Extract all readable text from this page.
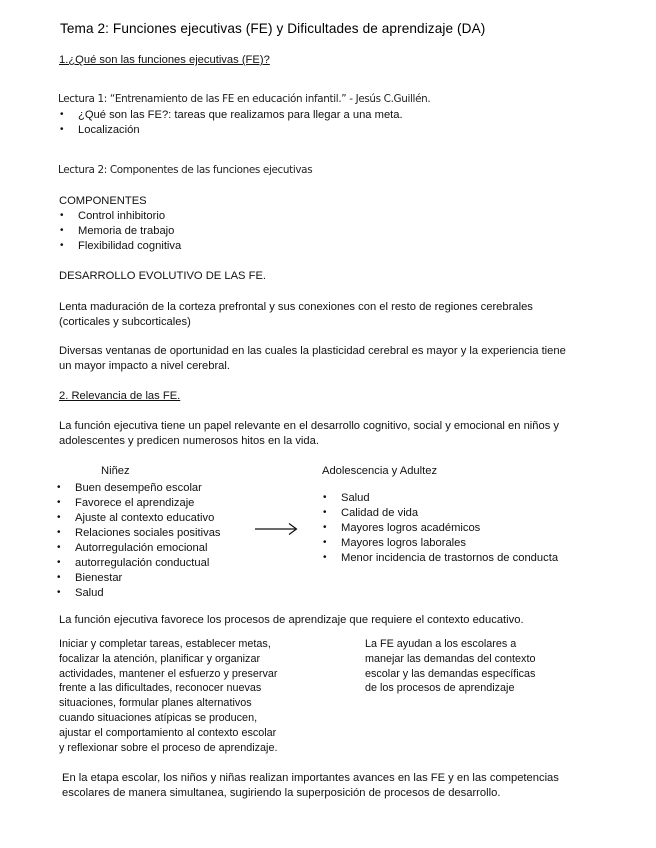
Tema 2: Funciones ejecutivas (FE) y Dificultades de aprendizaje (DA)
1.¿Qué son las funciones ejecutivas (FE)?
Lectura 1: “Entrenamiento de las FE en educación infantil.” - Jesús C.Guillén.
• ¿Qué son las FE?: tareas que realizamos para llegar a una meta.
• Localización
Lectura 2: Componentes de las funciones ejecutivas
COMPONENTES
• Control inhibitorio
• Memoria de trabajo
• Flexibilidad cognitiva
DESARROLLO EVOLUTIVO DE LAS FE.
Lenta maduración de la corteza prefrontal y sus conexiones con el resto de regiones cerebrales
(corticales y subcorticales)
Diversas ventanas de oportunidad en las cuales la plasticidad cerebral es mayor y la experiencia tiene
un mayor impacto a nivel cerebral.
2. Relevancia de las FE.
La función ejecutiva tiene un papel relevante en el desarrollo cognitivo, social y emocional en niños y
adolescentes y predicen numerosos hitos en la vida.
Niñez
• Buen desempeño escolar
• Favorece el aprendizaje
• Ajuste al contexto educativo
• Relaciones sociales positivas
• Autorregulación emocional
• autorregulación conductual
• Bienestar
• Salud
Adolescencia y Adultez
• Salud
• Calidad de vida
• Mayores logros académicos
• Mayores logros laborales
• Menor incidencia de trastornos de conducta
La función ejecutiva favorece los procesos de aprendizaje que requiere el contexto educativo.
Iniciar y completar tareas, establecer metas,
focalizar la atención, planificar y organizar
actividades, mantener el esfuerzo y preservar
frente a las dificultades, reconocer nuevas
situaciones, formular planes alternativos
cuando situaciones atípicas se producen,
ajustar el comportamiento al contexto escolar
y reflexionar sobre el proceso de aprendizaje.
La FE ayudan a los escolares a
manejar las demandas del contexto
escolar y las demandas específicas
de los procesos de aprendizaje
En la etapa escolar, los niños y niñas realizan importantes avances en las FE y en las competencias
escolares de manera simultanea, sugiriendo la superposición de procesos de desarrollo.
